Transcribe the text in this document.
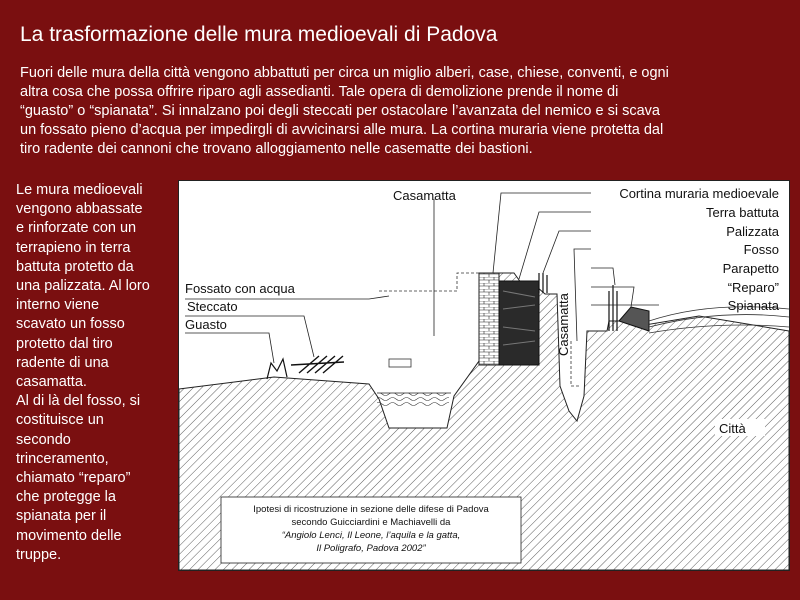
La trasformazione delle mura medioevali di Padova

Fuori delle mura della città vengono abbattuti per circa un miglio alberi, case, chiese, conventi, e ogni

altra cosa che possa offrire riparo agli assedianti. Tale opera di demolizione prende il nome di

“guasto” o “spianata”. Si innalzano poi degli steccati per ostacolare l’avanzata del nemico e si scava

un fossato pieno d’acqua per impedirgli di avvicinarsi alle mura. La cortina muraria viene protetta dal

tiro radente dei cannoni che trovano alloggiamento nelle casematte dei bastioni.

Le mura medioevali

vengono abbassate

e rinforzate con un

terrapieno in terra

battuta protetto da

una palizzata. Al loro

interno viene

scavato un fosso

protetto dal tiro

radente di una

casamatta.

Al di là del fosso, si

costituisce un

secondo

trinceramento,

chiamato “reparo”

che protegge la

spianata per il

movimento delle

truppe.

Cortina muraria medioevale
Terra battuta
Palizzata
Fosso
Parapetto
“Reparo”
Spianata
Fossato con acqua
Steccato
Guasto
Casamatta
Casamatta
Città
Ipotesi di ricostruzione in sezione delle difese di Padova
secondo Guicciardini e Machiavelli da
“Angiolo Lenci, Il Leone, l’aquila e la gatta,
Il Poligrafo, Padova 2002”
